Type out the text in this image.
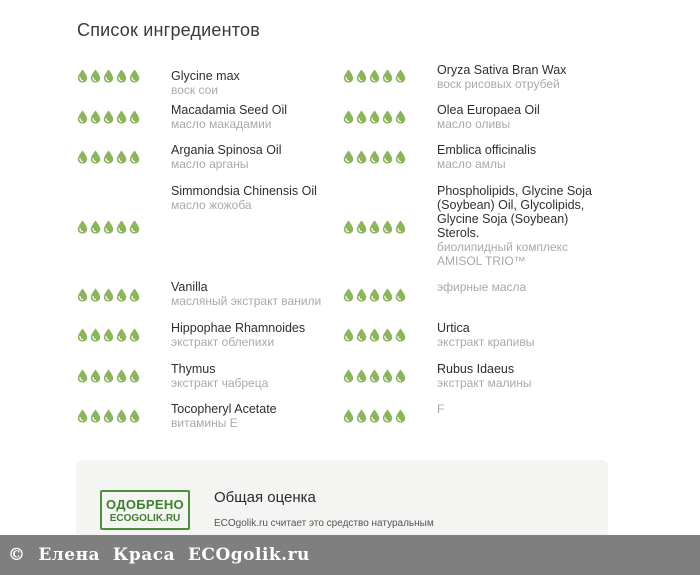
Список ингредиентов
Glycine max
воск сои
Macadamia Seed Oil
масло макадамии
Argania Spinosa Oil
масло арганы
Simmondsia Chinensis Oil
масло жожоба
Vanilla
масляный экстракт ванили
Hippophae Rhamnoides
экстракт облепихи
Thymus
экстракт чабреца
Tocopheryl Acetate
витамины Е
Oryza Sativa Bran Wax
воск рисовых отрубей
Olea Europaea Oil
масло оливы
Emblica officinalis
масло амлы
Phospholipids, Glycine Soja (Soybean) Oil, Glycolipids, Glycine Soja (Soybean) Sterols.
биолипидный комплекс AMISOL TRIO™
эфирные масла
Urtica
экстракт крапивы
Rubus Idaeus
экстракт малины
F
ОДОБРЕНО
ECOGOLIK.RU
Общая оценка
ECOgolik.ru считает это средство натуральным
©  Елена  Краса  ECOgolik.ru
